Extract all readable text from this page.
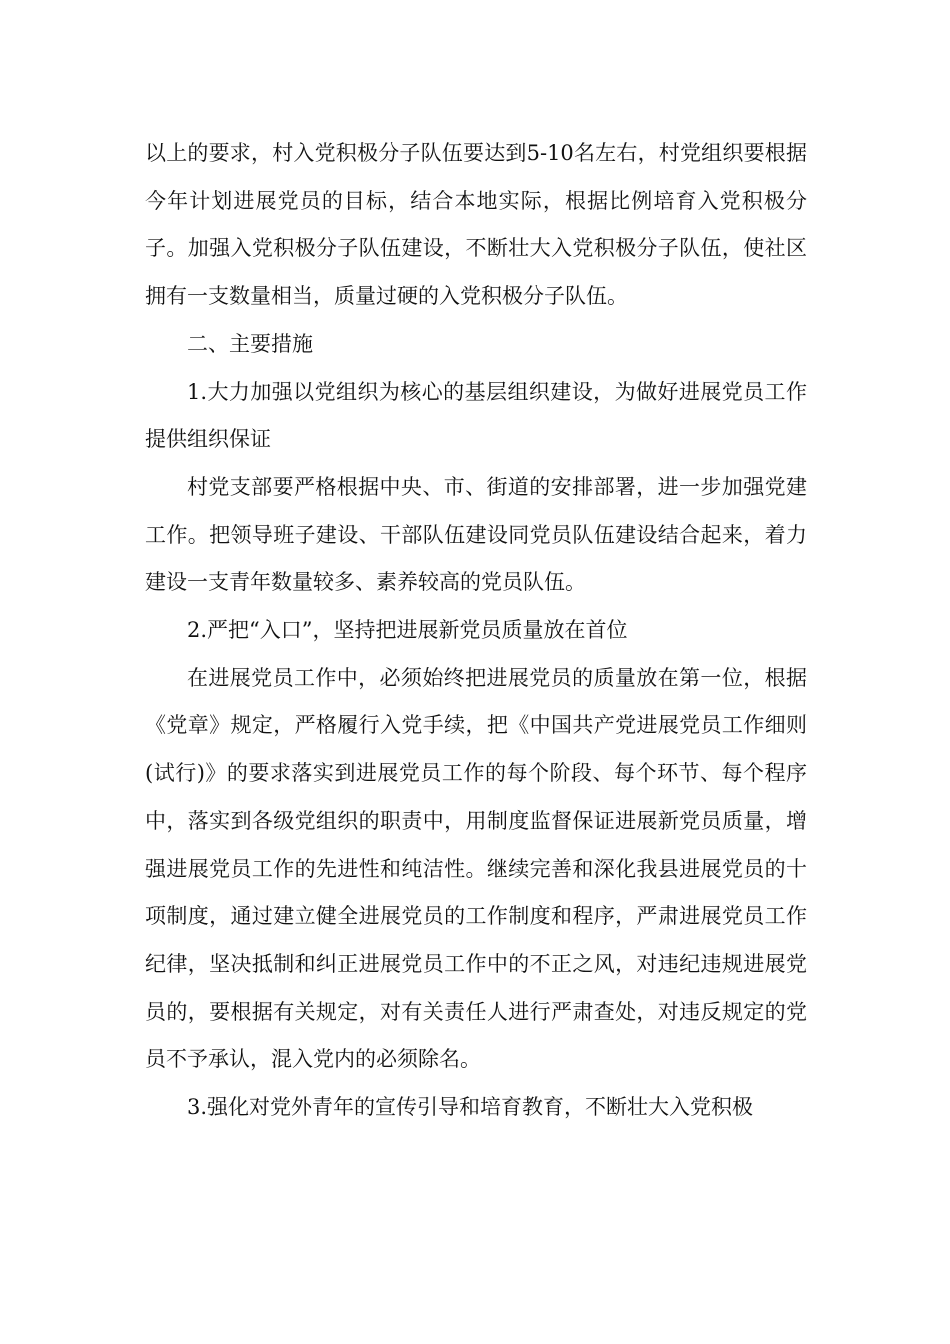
以上的要求，村入党积极分子队伍要达到5-10名左右，村党组织要根据今年计划进展党员的目标，结合本地实际，根据比例培育入党积极分子。加强入党积极分子队伍建设，不断壮大入党积极分子队伍，使社区拥有一支数量相当，质量过硬的入党积极分子队伍。

二、主要措施

1.大力加强以党组织为核心的基层组织建设，为做好进展党员工作提供组织保证

村党支部要严格根据中央、市、街道的安排部署，进一步加强党建工作。把领导班子建设、干部队伍建设同党员队伍建设结合起来，着力建设一支青年数量较多、素养较高的党员队伍。

2.严把“入口”，坚持把进展新党员质量放在首位

在进展党员工作中，必须始终把进展党员的质量放在第一位，根据《党章》规定，严格履行入党手续，把《中国共产党进展党员工作细则(试行)》的要求落实到进展党员工作的每个阶段、每个环节、每个程序中，落实到各级党组织的职责中，用制度监督保证进展新党员质量，增强进展党员工作的先进性和纯洁性。继续完善和深化我县进展党员的十项制度，通过建立健全进展党员的工作制度和程序，严肃进展党员工作纪律，坚决抵制和纠正进展党员工作中的不正之风，对违纪违规进展党员的，要根据有关规定，对有关责任人进行严肃查处，对违反规定的党员不予承认，混入党内的必须除名。

3.强化对党外青年的宣传引导和培育教育，不断壮大入党积极
